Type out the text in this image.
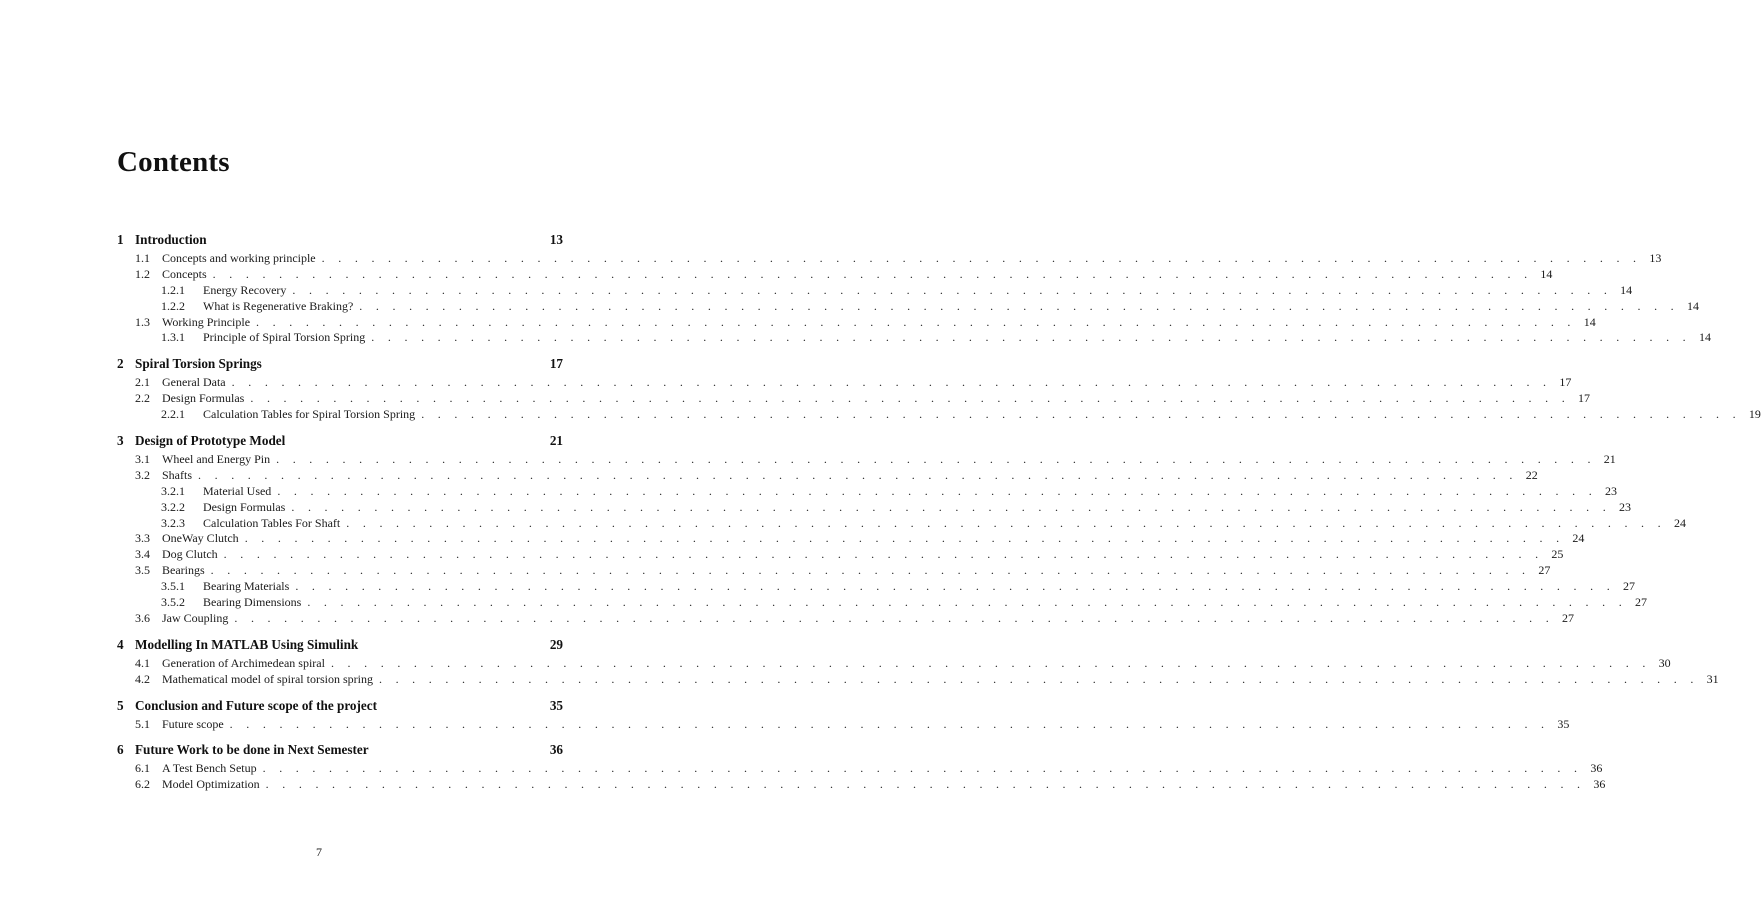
Contents
1 Introduction	13
1.1	Concepts and working principle . . . . . . . . . . . . . . . . . . . . . . . . . . . . . . . . . . . . . . . . . . . . . . . . . . . . . . . . . . . . . . . . . . . . . . . . . . . . . . . . 13
1.2	Concepts . . . . . . . . . . . . . . . . . . . . . . . . . . . . . . . . . . . . . . . . . . . . . . . . . . . . . . . . . . . . . . . . . . . . . . . . . . . . . . . . 14
1.2.1	Energy Recovery . . . . . . . . . . . . . . . . . . . . . . . . . . . . . . . . . . . . . . . . . . . . . . . . . . . . . . . . . . . . . . . . . . . . . . . . . . . . . . . . 14
1.2.2	What is Regenerative Braking? . . . . . . . . . . . . . . . . . . . . . . . . . . . . . . . . . . . . . . . . . . . . . . . . . . . . . . . . . . . . . . . . . . . . . . . . . . . . . . . . 14
1.3	Working Principle . . . . . . . . . . . . . . . . . . . . . . . . . . . . . . . . . . . . . . . . . . . . . . . . . . . . . . . . . . . . . . . . . . . . . . . . . . . . . . . . 14
1.3.1	Principle of Spiral Torsion Spring . . . . . . . . . . . . . . . . . . . . . . . . . . . . . . . . . . . . . . . . . . . . . . . . . . . . . . . . . . . . . . . . . . . . . . . . . . . . . . . . 14
2 Spiral Torsion Springs	17
2.1	General Data . . . . . . . . . . . . . . . . . . . . . . . . . . . . . . . . . . . . . . . . . . . . . . . . . . . . . . . . . . . . . . . . . . . . . . . . . . . . . . . . 17
2.2	Design Formulas . . . . . . . . . . . . . . . . . . . . . . . . . . . . . . . . . . . . . . . . . . . . . . . . . . . . . . . . . . . . . . . . . . . . . . . . . . . . . . . . 17
2.2.1	Calculation Tables for Spiral Torsion Spring . . . . . . . . . . . . . . . . . . . . . . . . . . . . . . . . . . . . . . . . . . . . . . . . . . . . . . . . . . . . . . . . . . . . . . . . . . . . . . . . 19
3 Design of Prototype Model	21
3.1	Wheel and Energy Pin . . . . . . . . . . . . . . . . . . . . . . . . . . . . . . . . . . . . . . . . . . . . . . . . . . . . . . . . . . . . . . . . . . . . . . . . . . . . . . . . 21
3.2	Shafts . . . . . . . . . . . . . . . . . . . . . . . . . . . . . . . . . . . . . . . . . . . . . . . . . . . . . . . . . . . . . . . . . . . . . . . . . . . . . . . . 22
3.2.1	Material Used . . . . . . . . . . . . . . . . . . . . . . . . . . . . . . . . . . . . . . . . . . . . . . . . . . . . . . . . . . . . . . . . . . . . . . . . . . . . . . . . 23
3.2.2	Design Formulas . . . . . . . . . . . . . . . . . . . . . . . . . . . . . . . . . . . . . . . . . . . . . . . . . . . . . . . . . . . . . . . . . . . . . . . . . . . . . . . . 23
3.2.3	Calculation Tables For Shaft . . . . . . . . . . . . . . . . . . . . . . . . . . . . . . . . . . . . . . . . . . . . . . . . . . . . . . . . . . . . . . . . . . . . . . . . . . . . . . . . 24
3.3	OneWay Clutch . . . . . . . . . . . . . . . . . . . . . . . . . . . . . . . . . . . . . . . . . . . . . . . . . . . . . . . . . . . . . . . . . . . . . . . . . . . . . . . . 24
3.4	Dog Clutch . . . . . . . . . . . . . . . . . . . . . . . . . . . . . . . . . . . . . . . . . . . . . . . . . . . . . . . . . . . . . . . . . . . . . . . . . . . . . . . . 25
3.5	Bearings . . . . . . . . . . . . . . . . . . . . . . . . . . . . . . . . . . . . . . . . . . . . . . . . . . . . . . . . . . . . . . . . . . . . . . . . . . . . . . . . 27
3.5.1	Bearing Materials . . . . . . . . . . . . . . . . . . . . . . . . . . . . . . . . . . . . . . . . . . . . . . . . . . . . . . . . . . . . . . . . . . . . . . . . . . . . . . . . 27
3.5.2	Bearing Dimensions . . . . . . . . . . . . . . . . . . . . . . . . . . . . . . . . . . . . . . . . . . . . . . . . . . . . . . . . . . . . . . . . . . . . . . . . . . . . . . . . 27
3.6	Jaw Coupling . . . . . . . . . . . . . . . . . . . . . . . . . . . . . . . . . . . . . . . . . . . . . . . . . . . . . . . . . . . . . . . . . . . . . . . . . . . . . . . . 27
4 Modelling In MATLAB Using Simulink	29
4.1	Generation of Archimedean spiral . . . . . . . . . . . . . . . . . . . . . . . . . . . . . . . . . . . . . . . . . . . . . . . . . . . . . . . . . . . . . . . . . . . . . . . . . . . . . . . . 30
4.2	Mathematical model of spiral torsion spring . . . . . . . . . . . . . . . . . . . . . . . . . . . . . . . . . . . . . . . . . . . . . . . . . . . . . . . . . . . . . . . . . . . . . . . . . . . . . . . . 31
5 Conclusion and Future scope of the project	35
5.1	Future scope . . . . . . . . . . . . . . . . . . . . . . . . . . . . . . . . . . . . . . . . . . . . . . . . . . . . . . . . . . . . . . . . . . . . . . . . . . . . . . . . 35
6 Future Work to be done in Next Semester	36
6.1	A Test Bench Setup . . . . . . . . . . . . . . . . . . . . . . . . . . . . . . . . . . . . . . . . . . . . . . . . . . . . . . . . . . . . . . . . . . . . . . . . . . . . . . . . 36
6.2	Model Optimization . . . . . . . . . . . . . . . . . . . . . . . . . . . . . . . . . . . . . . . . . . . . . . . . . . . . . . . . . . . . . . . . . . . . . . . . . . . . . . . . 36
7
